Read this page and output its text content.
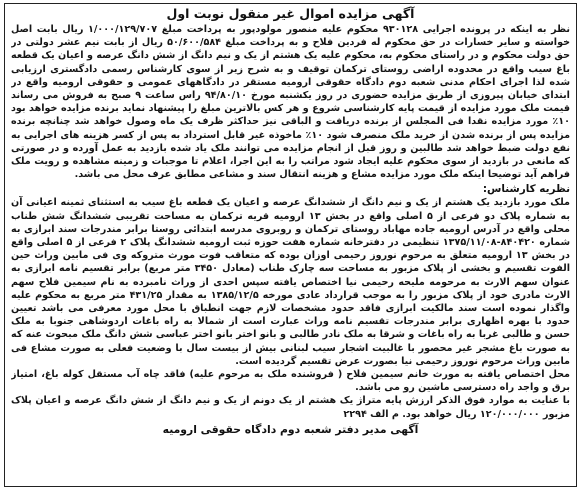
آگهی مزایده اموال غیر منقول نوبت اول

نظر به اینکه در پرونده اجرایی ۹۳۰۱۲۸ محکوم علیه منصور مولودپور به پرداخت مبلغ ۱/۰۰۰/۱۲۹/۷۰۷ ریال بابت اصل خواسته و سایر خسارات در حق محکوم له فردین فلاح و به پرداخت مبلغ ۵۰/۶۰۰/۵۸۴ ریال از بابت نیم عشر دولتی در حق دولت محکوم و در راستای محکوم به، محکوم علیه یک هشتم از یک و نیم دانگ از شش دانگ عرصه و اعیان یک قطعه باغ سیب واقع در محدوده اراضی روستای ترکمان توقیف و به شرح زیر از سوی کارشناس رسمی دادگستری ارزیابی شده لذا اجرای احکام مدنی شعبه دوم دادگاه حقوقی ارومیه مستقر در دادگاههای عمومی و حقوقی ارومیه واقع در ابتدای خیابان پیروزی از طریق مزایده حضوری در روز یکشنبه مورخ ۹۴/۸۰/۱۰ راس ساعت ۹ صبح به فروش می رساند قیمت ملک مورد مزایده از قیمت پایه کارشناسی شروع و هر کس بالاترین مبلغ را پیشنهاد نماید برنده مزایده خواهد بود ۱۰٪ مورد مزایده نقدا فی المجلس از برنده دریافت و الباقی نیز حداکثر ظرف یک ماه وصول خواهد شد چنانچه برنده مزایده پس از برنده شدن از خرید ملک منصرف شود ۱۰٪ ماخوذه غیر قابل استرداد به پس از کسر هزینه های اجرایی به نفع دولت ضبط خواهد شد طالبین و روز قبل از انجام مزایده می توانند ملک یاد شده بازدید به عمل آورده و در صورتی که مانعی در بازدید از سوی محکوم علیه ایجاد شود مراتب را به این اجرا، اعلام تا موجبات و زمینه مشاهده و رویت ملک فراهم آید توضیحا اینکه ملک مورد مزایده مشاع و هزینه انتقال سند و مشاعی مطابق عرف محل می باشد.

نظریه کارشناس:

ملک مورد بازدید یک هشتم از یک و نیم دانگ از ششدانگ عرصه و اعیان یک قطعه باغ سیب به استثنای ثمینه اعیانی آن به شماره پلاک دو فرعی از ۵ اصلی واقع در بخش ۱۳ ارومیه قریه ترکمان به مساحت تقریبی ششدانگ شش طناب محلی واقع در آدرس ارومیه جاده مهاباد روستای ترکمان و روبروی مدرسه ابتدائی روستا برابر مندرجات سند ابرازی به شماره ۸۴۰۴۲۰-۱۳۷۵/۱۱/۰۸ تنظیمی در دفترخانه شماره هفت حوزه ثبت ارومیه ششدانگ پلاک ۲ فرعی از ۵ اصلی واقع در بخش ۱۳ ارومیه متعلق به مرحوم نوروز رحیمی اوزان بوده که متعاقب فوت مورث متروکه وی فی مابین وراث حین الفوت تقسیم و بخشی از پلاک مزبور به مساحت سه چارک طناب (معادل ۳۴۵۰ متر مربع) برابر تقسیم نامه ابرازی به عنوان سهم الارث به مرحومه ملیحه رحیمی نیا اختصاص یافته سپس احدی از وراث نامبرده به نام سیمین فلاح سهم الارث مادری خود از پلاک مزبور را به موجب قرارداد عادی مورخه ۱۳۸۵/۱۲/۵ به مقدار ۴۳۱/۲۵ متر مربع به محکوم علیه واگذار نموده است سند مالکیت ابرازی فاقد حدود مشخصات لازم جهت انطباق با محل مورد معرفی می باشد تعیین حدود با بهره اظهاری برابر مندرجات تقسیم نامه وراث عبارت است از شمالا به راه باغات اردوشاهی جنوبا به ملک حسن و طالبی غربا به راه باغات و شرقا به ملک نادر طالبی و بانو اختر بانو اختر عباسی شش دانگ ملک مبحوث عنه که به صورت باغ مشجر غیر محصور با غالبیت اشجار سیب لبنانی بیش از بیست سال با وضعیت فعلی به صورت مشاع فی مابین وراث مرحوم نوروز رحیمی نیا بصورت عرض تقسیم گردیده است.

محل اختصاص یافته به مورث خانم سیمین فلاح ( فروشنده ملک به مرحوم علیه) فاقد چاه آب مستقل کوله باغ، امتیاز برق و واجد راه دسترسی ماشین رو می باشد.

با عنایت به موارد فوق الذکر ارزش پایه متراژ یک هشتم از یک دونم از یک و نیم دانگ از شش دانگ عرصه و اعیان پلاک مزبور ۱۲۰/۰۰۰/۰۰۰ ریال خواهد بود. م الف ۲۲۹۴

آگهی مدیر دفتر شعبه دوم دادگاه حقوقی ارومیه
